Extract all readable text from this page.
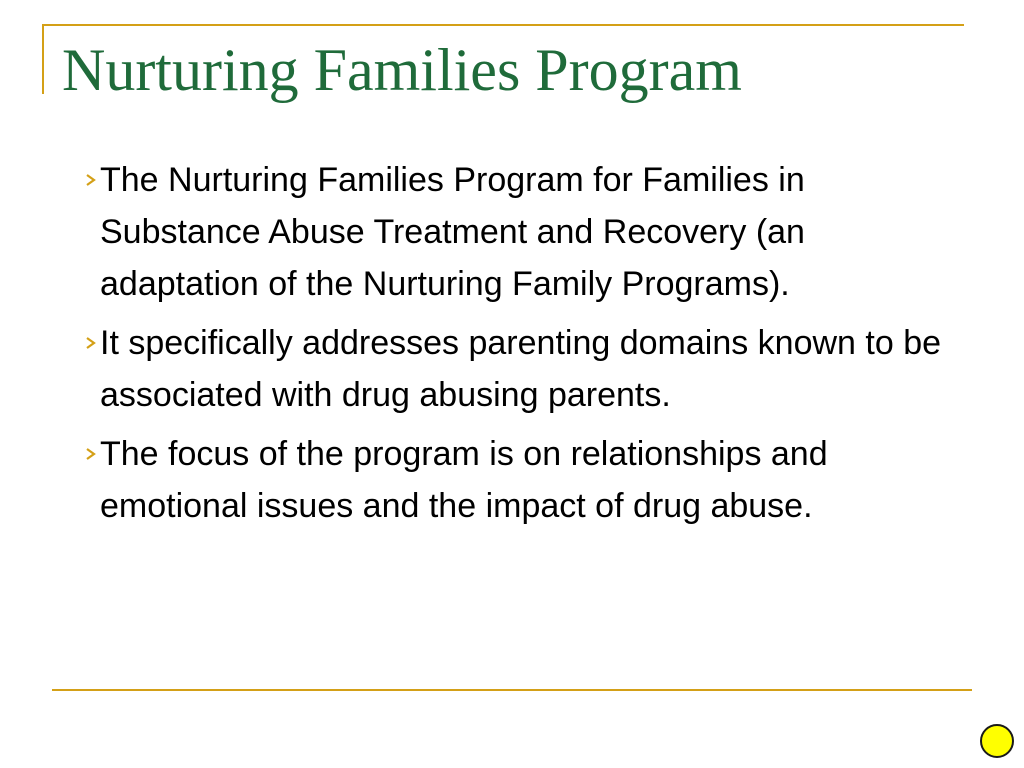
Nurturing Families Program
The Nurturing Families Program for Families in Substance Abuse Treatment and Recovery (an adaptation of the Nurturing Family Programs).
It specifically addresses parenting domains known to be associated with drug abusing parents.
The focus of the program is on relationships and emotional issues and the impact of drug abuse.
